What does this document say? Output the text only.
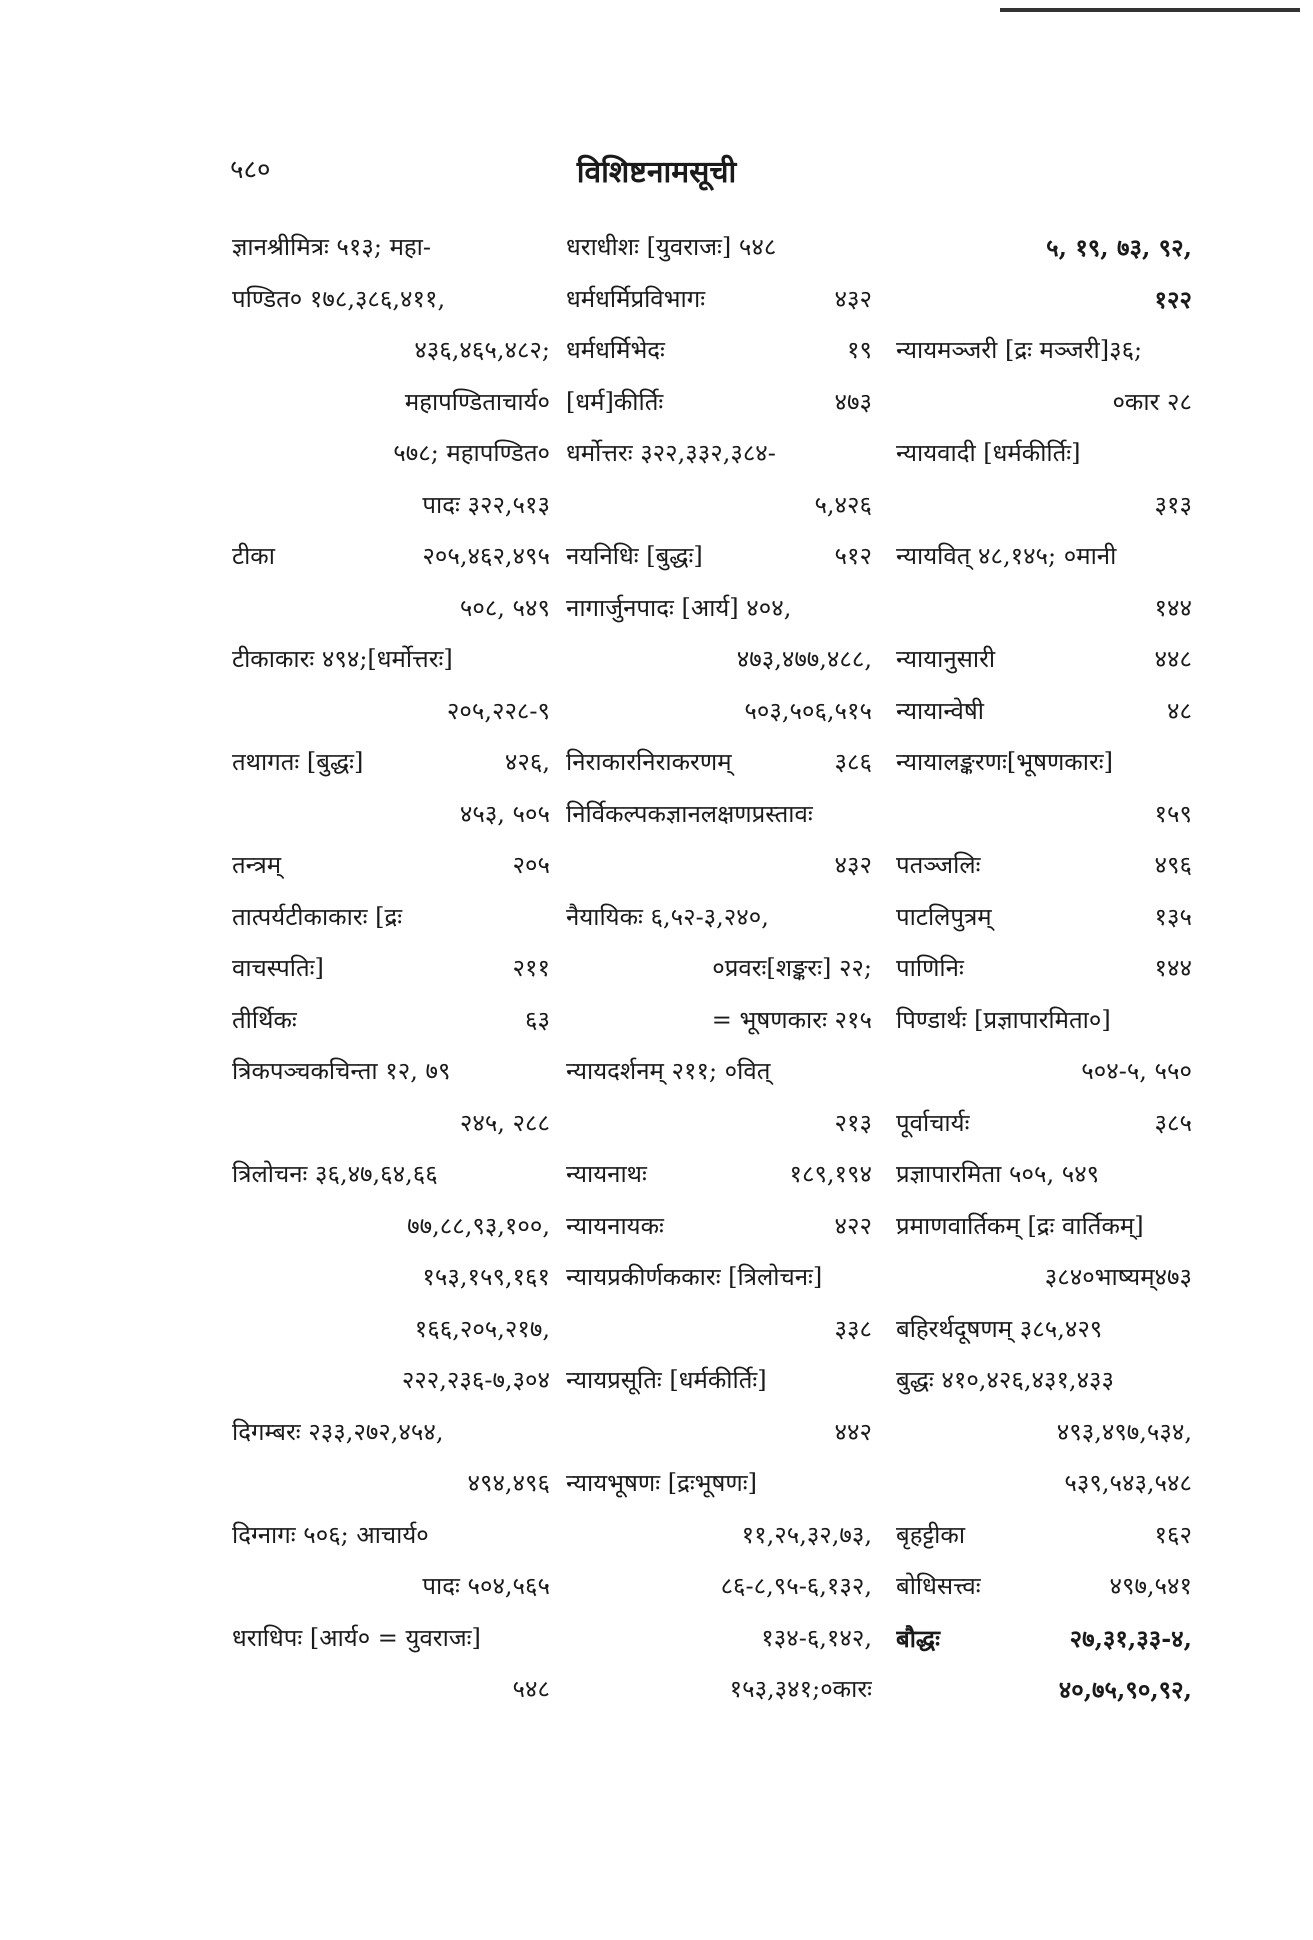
५८०	विशिष्टनामसूची
ज्ञानश्रीमित्रः ५१३; महा-
पण्डित० १७८,३८६,४११,
४३६,४६५,४८२;
महापण्डिताचार्य०
५७८; महापण्डित०
पादः ३२२,५१३
टीका	२०५,४६२,४९५
५०८, ५४९
टीकाकारः ४९४;[धर्मोत्तरः]
२०५,२२८-९
तथागतः [बुद्धः]	४२६,
४५३, ५०५
तन्त्रम्	२०५
तात्पर्यटीकाकारः [द्रः
वाचस्पतिः]	२११
तीर्थिकः	६३
त्रिकपञ्चकचिन्ता १२, ७९
२४५, २८८
त्रिलोचनः ३६,४७,६४,६६
७७,८८,९३,१००,
१५३,१५९,१६१
१६६,२०५,२१७,
२२२,२३६-७,३०४
दिगम्बरः २३३,२७२,४५४,
४९४,४९६
दिग्नागः ५०६; आचार्य०
पादः ५०४,५६५
धराधिपः [आर्य० = युवराजः]
५४८
धराधीशः [युवराजः] ५४८
धर्मधर्मिप्रविभागः	४३२
धर्मधर्मिभेदः	१९
[धर्म]कीर्तिः	४७३
धर्मोत्तरः ३२२,३३२,३८४-
५,४२६
नयनिधिः [बुद्धः]	५१२
नागार्जुनपादः [आर्य] ४०४,
४७३,४७७,४८८,
५०३,५०६,५१५
निराकारनिराकरणम्	३८६
निर्विकल्पकज्ञानलक्षणप्रस्तावः
४३२
नैयायिकः ६,५२-३,२४०,
०प्रवरः[शङ्करः] २२;
= भूषणकारः २१५
न्यायदर्शनम् २११; ०वित्
२१३
न्यायनाथः	१८९,१९४
न्यायनायकः	४२२
न्यायप्रकीर्णककारः [त्रिलोचनः]
३३८
न्यायप्रसूतिः [धर्मकीर्तिः]
४४२
न्यायभूषणः [द्रःभूषणः]
११,२५,३२,७३,
८६-८,९५-६,१३२,
१३४-६,१४२,
१५३,३४१;०कारः
५, १९, ७३, ९२,
१२२
न्यायमञ्जरी [द्रः मञ्जरी]३६;
०कार २८
न्यायवादी [धर्मकीर्तिः]
३१३
न्यायवित् ४८,१४५; ०मानी
१४४
न्यायानुसारी	४४८
न्यायान्वेषी	४८
न्यायालङ्करणः[भूषणकारः]
१५९
पतञ्जलिः	४९६
पाटलिपुत्रम्	१३५
पाणिनिः	१४४
पिण्डार्थः [प्रज्ञापारमिता०]
५०४-५, ५५०
पूर्वाचार्यः	३८५
प्रज्ञापारमिता ५०५, ५४९
प्रमाणवार्तिकम् [द्रः वार्तिकम्]
३८४०भाष्यम्४७३
बहिरर्थदूषणम् ३८५,४२९
बुद्धः ४१०,४२६,४३१,४३३
४९३,४९७,५३४,
५३९,५४३,५४८
बृहट्टीका	१६२
बोधिसत्त्वः	४९७,५४१
बौद्धः	२७,३१,३३-४,
४०,७५,९०,९२,
